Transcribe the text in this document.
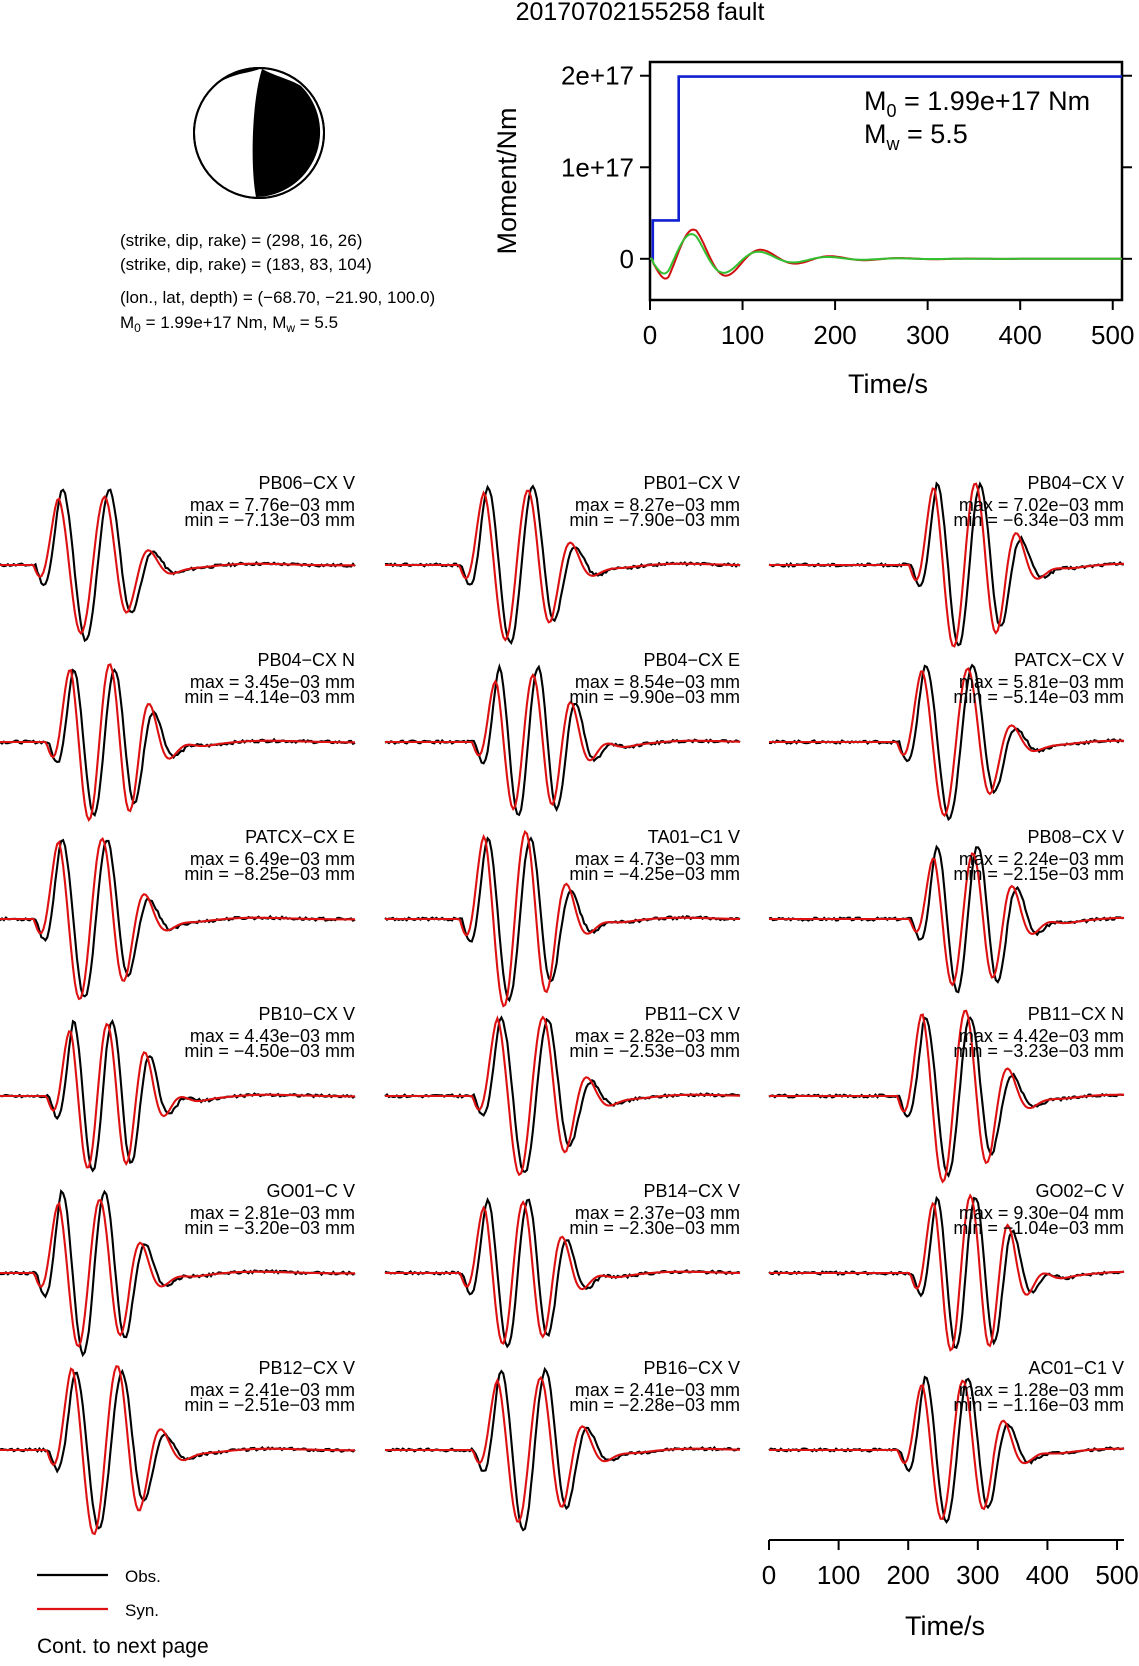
20170702155258 fault
(strike, dip, rake) = (298, 16, 26)
(strike, dip, rake) = (183, 83, 104)
(lon., lat, depth) = (−68.70, −21.90, 100.0)
$M_0 = 1.99e+17$ Nm, $M_w = 5.5$
0
1e+17
2e+17
0 100 200 300 400 500
Moment/Nm
Time/s
$M_0 = 1.99e+17$ Nm
$M_w = 5.5$
PB06−CX V
max = 7.76e−03 mm
min = −7.13e−03 mm
PB01−CX V
max = 8.27e−03 mm
min = −7.90e−03 mm
PB04−CX V
max = 7.02e−03 mm
min = −6.34e−03 mm
PB04−CX N
max = 3.45e−03 mm
min = −4.14e−03 mm
PB04−CX E
max = 8.54e−03 mm
min = −9.90e−03 mm
PATCX−CX V
max = 5.81e−03 mm
min = −5.14e−03 mm
PATCX−CX E
max = 6.49e−03 mm
min = −8.25e−03 mm
TA01−C1 V
max = 4.73e−03 mm
min = −4.25e−03 mm
PB08−CX V
max = 2.24e−03 mm
min = −2.15e−03 mm
PB10−CX V
max = 4.43e−03 mm
min = −4.50e−03 mm
PB11−CX V
max = 2.82e−03 mm
min = −2.53e−03 mm
PB11−CX N
max = 4.42e−03 mm
min = −3.23e−03 mm
GO01−C V
max = 2.81e−03 mm
min = −3.20e−03 mm
PB14−CX V
max = 2.37e−03 mm
min = −2.30e−03 mm
GO02−C V
max = 9.30e−04 mm
min = −1.04e−03 mm
PB12−CX V
max = 2.41e−03 mm
min = −2.51e−03 mm
PB16−CX V
max = 2.41e−03 mm
min = −2.28e−03 mm
AC01−C1 V
max = 1.28e−03 mm
min = −1.16e−03 mm
0 100 200 300 400 500
Time/s
Obs.
Syn.
Cont. to next page
